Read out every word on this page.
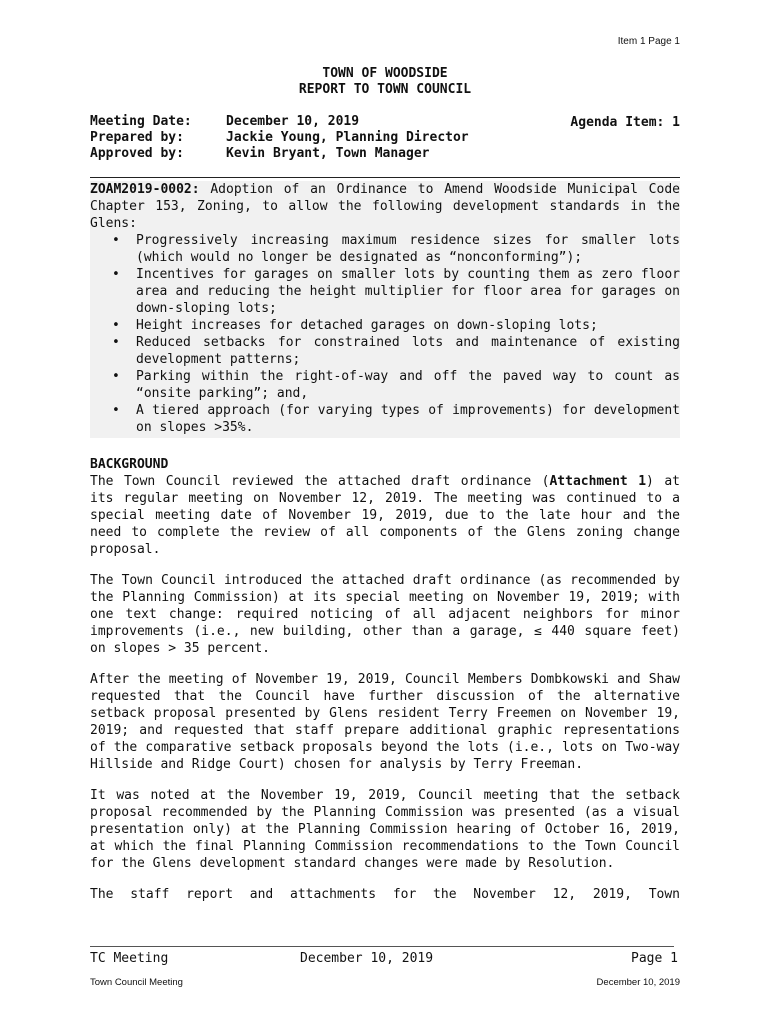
Item 1 Page 1
TOWN OF WOODSIDE
REPORT TO TOWN COUNCIL
Meeting Date:	December 10, 2019
Prepared by:	Jackie Young, Planning Director
Approved by:	Kevin Bryant, Town Manager
Agenda Item: 1
ZOAM2019-0002: Adoption of an Ordinance to Amend Woodside Municipal Code Chapter 153, Zoning, to allow the following development standards in the Glens:
• Progressively increasing maximum residence sizes for smaller lots (which would no longer be designated as “nonconforming”);
• Incentives for garages on smaller lots by counting them as zero floor area and reducing the height multiplier for floor area for garages on down-sloping lots;
• Height increases for detached garages on down-sloping lots;
• Reduced setbacks for constrained lots and maintenance of existing development patterns;
• Parking within the right-of-way and off the paved way to count as “onsite parking”; and,
• A tiered approach (for varying types of improvements) for development on slopes >35%.
BACKGROUND

The Town Council reviewed the attached draft ordinance (Attachment 1) at its regular meeting on November 12, 2019. The meeting was continued to a special meeting date of November 19, 2019, due to the late hour and the need to complete the review of all components of the Glens zoning change proposal.

The Town Council introduced the attached draft ordinance (as recommended by the Planning Commission) at its special meeting on November 19, 2019; with one text change: required noticing of all adjacent neighbors for minor improvements (i.e., new building, other than a garage, ≤ 440 square feet) on slopes > 35 percent.

After the meeting of November 19, 2019, Council Members Dombkowski and Shaw requested that the Council have further discussion of the alternative setback proposal presented by Glens resident Terry Freemen on November 19, 2019; and requested that staff prepare additional graphic representations of the comparative setback proposals beyond the lots (i.e., lots on Two-way Hillside and Ridge Court) chosen for analysis by Terry Freeman.

It was noted at the November 19, 2019, Council meeting that the setback proposal recommended by the Planning Commission was presented (as a visual presentation only) at the Planning Commission hearing of October 16, 2019, at which the final Planning Commission recommendations to the Town Council for the Glens development standard changes were made by Resolution.

The staff report and attachments for the November 12, 2019, Town

TC Meeting	December 10, 2019	Page 1
Town Council Meeting	December 10, 2019
